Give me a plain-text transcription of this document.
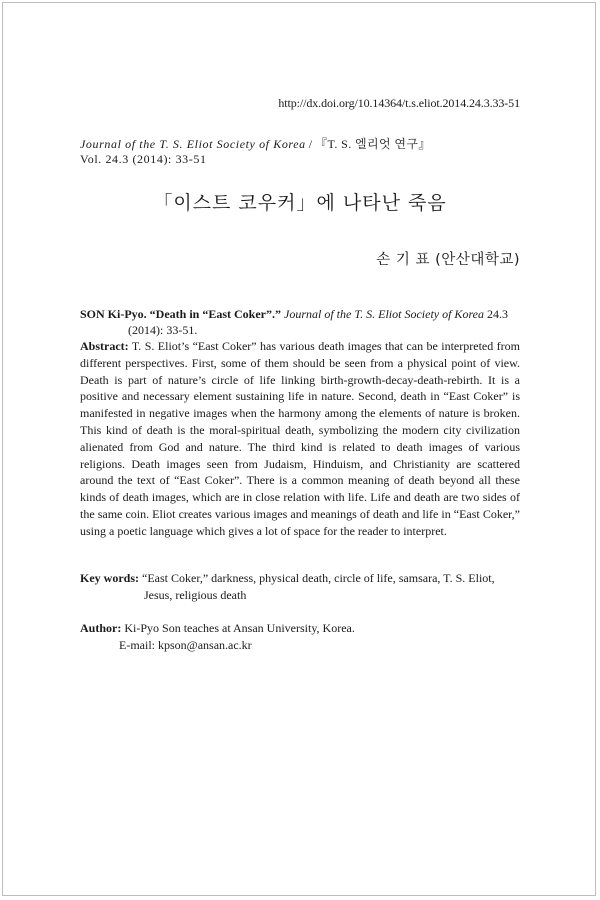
http://dx.doi.org/10.14364/t.s.eliot.2014.24.3.33-51
Journal of the T. S. Eliot Society of Korea / 『T. S. 엘리엇 연구』
Vol. 24.3 (2014): 33-51
「이스트 코우커」에 나타난 죽음
손 기 표 (안산대학교)
SON Ki-Pyo. “Death in “East Coker”.” Journal of the T. S. Eliot Society of Korea 24.3
(2014): 33-51.

Abstract: T. S. Eliot’s “East Coker” has various death images that can be interpreted from different perspectives. First, some of them should be seen from a physical point of view. Death is part of nature’s circle of life linking birth-growth-decay-death-rebirth. It is a positive and necessary element sustaining life in nature. Second, death in “East Coker” is manifested in negative images when the harmony among the elements of nature is broken. This kind of death is the moral-spiritual death, symbolizing the modern city civilization alienated from God and nature. The third kind is related to death images of various religions. Death images seen from Judaism, Hinduism, and Christianity are scattered around the text of “East Coker”. There is a common meaning of death beyond all these kinds of death images, which are in close relation with life. Life and death are two sides of the same coin. Eliot creates various images and meanings of death and life in “East Coker,” using a poetic language which gives a lot of space for the reader to interpret.

Key words: “East Coker,” darkness, physical death, circle of life, samsara, T. S. Eliot,
Jesus, religious death
Author: Ki-Pyo Son teaches at Ansan University, Korea.
E-mail: kpson@ansan.ac.kr
